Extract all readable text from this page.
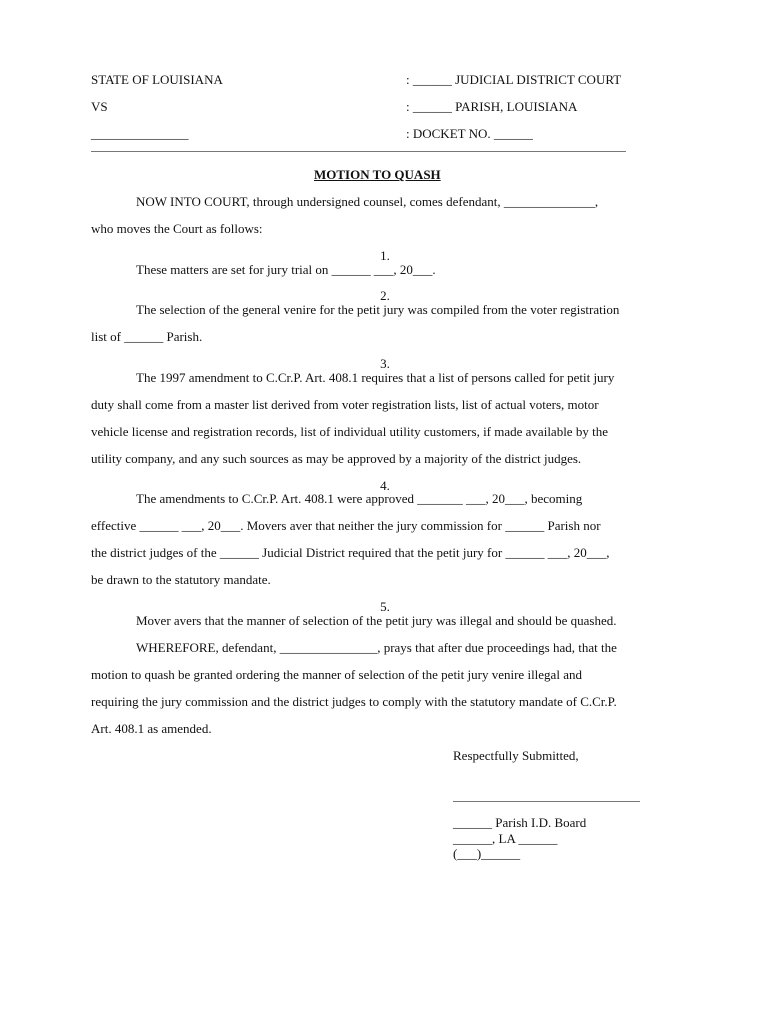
STATE OF LOUISIANA
VS
_______________
: ______ JUDICIAL DISTRICT COURT
: ______ PARISH, LOUISIANA
: DOCKET NO. ______
MOTION TO QUASH
NOW INTO COURT, through undersigned counsel, comes defendant, ______________,
who moves the Court as follows:
1.
These matters are set for jury trial on ______ ___, 20___.
2.
The selection of the general venire for the petit jury was compiled from the voter registration
list of ______ Parish.
3.
The 1997 amendment to C.Cr.P. Art. 408.1 requires that a list of persons called for petit jury
duty shall come from a master list derived from voter registration lists, list of actual voters, motor
vehicle license and registration records, list of individual utility customers, if made available by the
utility company, and any such sources as may be approved by a majority of the district judges.
4.
The amendments to C.Cr.P. Art. 408.1 were approved _______ ___, 20___, becoming
effective ______ ___, 20___. Movers aver that neither the jury commission for ______ Parish nor
the district judges of the ______ Judicial District required that the petit jury for ______ ___, 20___,
be drawn to the statutory mandate.
5.
Mover avers that the manner of selection of the petit jury was illegal and should be quashed.
WHEREFORE, defendant, _______________, prays that after due proceedings had, that the
motion to quash be granted ordering the manner of selection of the petit jury venire illegal and
requiring the jury commission and the district judges to comply with the statutory mandate of C.Cr.P.
Art. 408.1 as amended.
Respectfully Submitted,
______ Parish I.D. Board
______, LA ______
(___)______
